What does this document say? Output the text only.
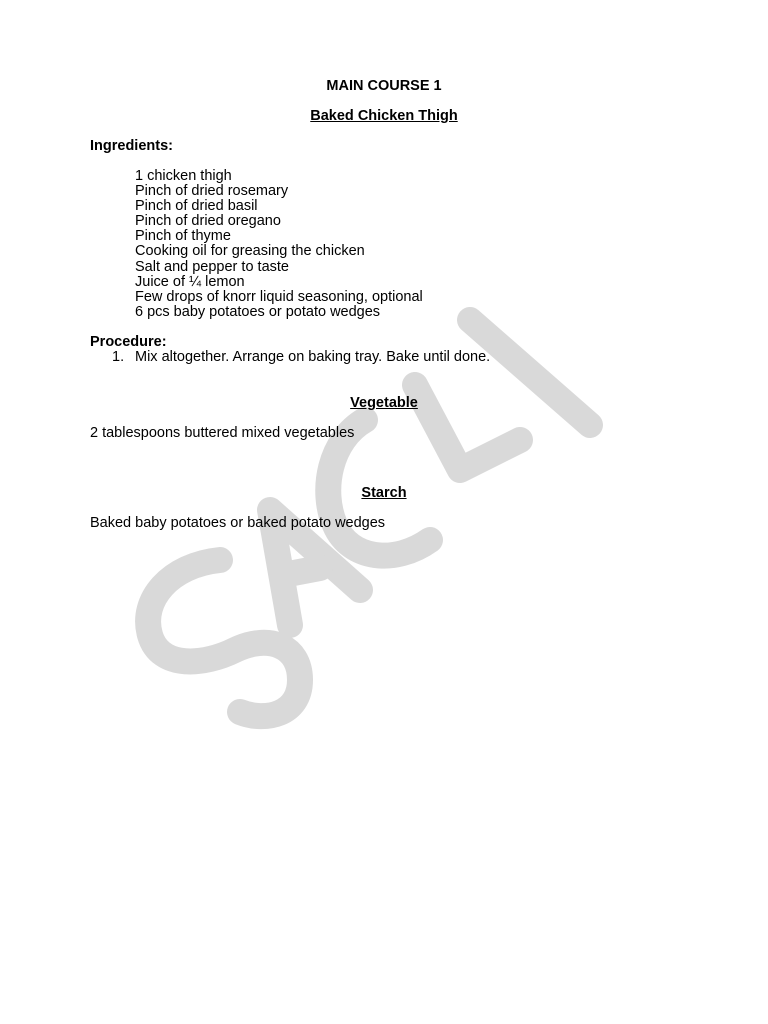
MAIN COURSE 1
Baked Chicken Thigh
Ingredients:
1 chicken thigh
Pinch of dried rosemary
Pinch of dried basil
Pinch of dried oregano
Pinch of thyme
Cooking oil for greasing the chicken
Salt and pepper to taste
Juice of ¼ lemon
Few drops of knorr liquid seasoning, optional
6 pcs baby potatoes or potato wedges
Procedure:
1. Mix altogether. Arrange on baking tray. Bake until done.
Vegetable
2 tablespoons buttered mixed vegetables
Starch
Baked baby potatoes or baked potato wedges
